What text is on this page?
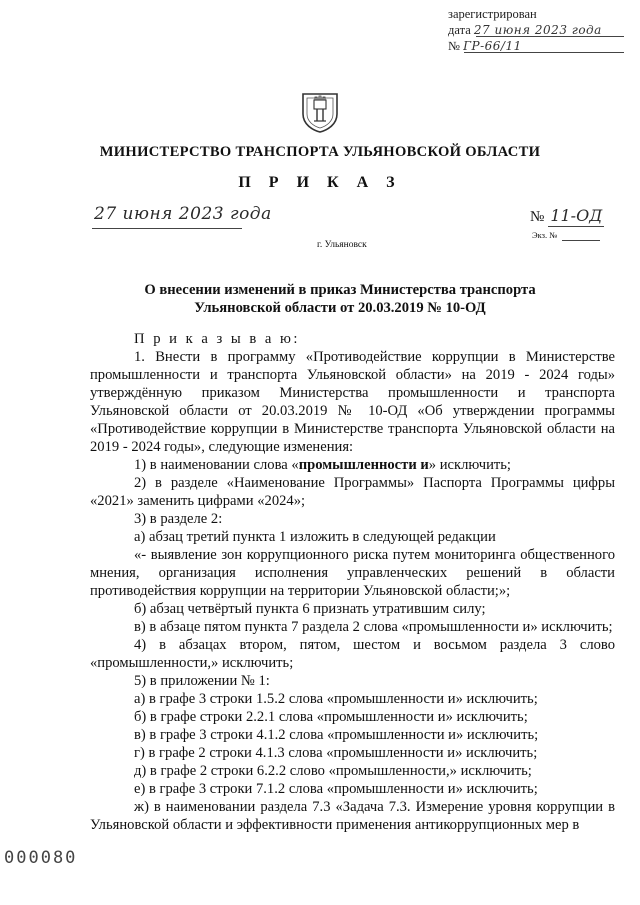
зарегистрирован
дата 27 июня 2023 года
№ ГР-66/11
МИНИСТЕРСТВО ТРАНСПОРТА УЛЬЯНОВСКОЙ ОБЛАСТИ
П Р И К А З
27 июня 2023 года	№ 11-ОД
Экз. №
г. Ульяновск
О внесении изменений в приказ Министерства транспорта
Ульяновской области от 20.03.2019 № 10-ОД

П р и к а з ы в а ю:

1. Внести в программу «Противодействие коррупции в Министерстве промышленности и транспорта Ульяновской области» на 2019 - 2024 годы» утверждённую приказом Министерства промышленности и транспорта Ульяновской области от 20.03.2019 № 10-ОД «Об утверждении программы «Противодействие коррупции в Министерстве транспорта Ульяновской области на 2019 - 2024 годы», следующие изменения:

1) в наименовании слова «промышленности и» исключить;

2) в разделе «Наименование Программы» Паспорта Программы цифры «2021» заменить цифрами «2024»;

3) в разделе 2:

а) абзац третий пункта 1 изложить в следующей редакции

«- выявление зон коррупционного риска путем мониторинга общественного мнения, организация исполнения управленческих решений в области противодействия коррупции на территории Ульяновской области;»;

б) абзац четвёртый пункта 6 признать утратившим силу;

в) в абзаце пятом пункта 7 раздела 2 слова «промышленности и» исключить;

4) в абзацах втором, пятом, шестом и восьмом раздела 3 слово «промышленности,» исключить;

5) в приложении № 1:

а) в графе 3 строки 1.5.2 слова «промышленности и» исключить;

б) в графе строки 2.2.1 слова «промышленности и» исключить;

в) в графе 3 строки 4.1.2 слова «промышленности и» исключить;

г) в графе 2 строки 4.1.3 слова «промышленности и» исключить;

д) в графе 2 строки 6.2.2 слово «промышленности,» исключить;

е) в графе 3 строки 7.1.2 слова «промышленности и» исключить;

ж) в наименовании раздела 7.3 «Задача 7.3. Измерение уровня коррупции в Ульяновской области и эффективности применения антикоррупционных мер в

000080
